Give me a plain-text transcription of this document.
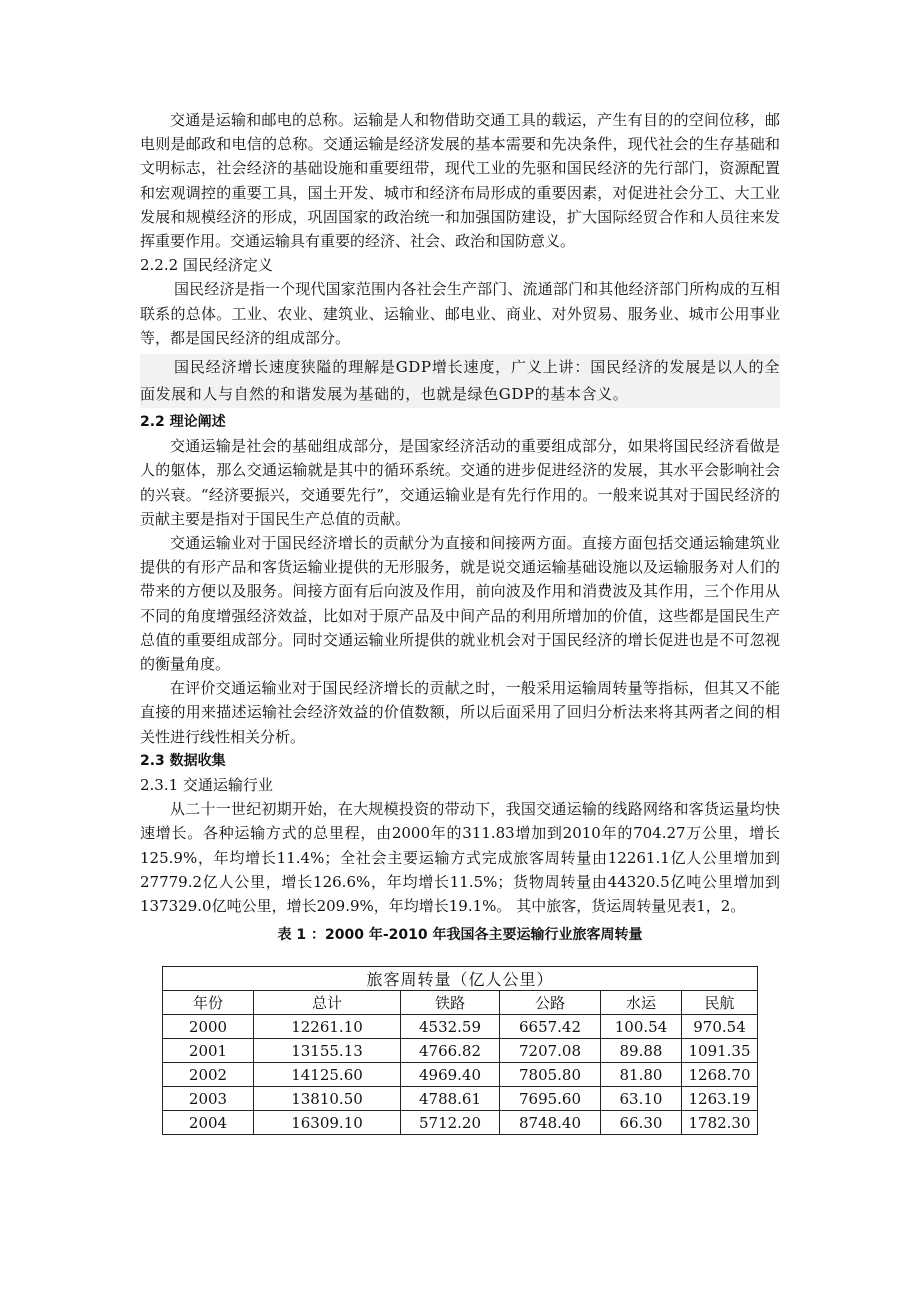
交通是运输和邮电的总称。运输是人和物借助交通工具的载运，产生有目的的空间位移，邮电则是邮政和电信的总称。交通运输是经济发展的基本需要和先决条件，现代社会的生存基础和文明标志，社会经济的基础设施和重要纽带，现代工业的先驱和国民经济的先行部门，资源配置和宏观调控的重要工具，国土开发、城市和经济布局形成的重要因素，对促进社会分工、大工业发展和规模经济的形成，巩固国家的政治统一和加强国防建设，扩大国际经贸合作和人员往来发挥重要作用。交通运输具有重要的经济、社会、政治和国防意义。

2.2.2 国民经济定义

国民经济是指一个现代国家范围内各社会生产部门、流通部门和其他经济部门所构成的互相联系的总体。工业、农业、建筑业、运输业、邮电业、商业、对外贸易、服务业、城市公用事业等，都是国民经济的组成部分。

国民经济增长速度狭隘的理解是GDP增长速度，广义上讲：国民经济的发展是以人的全面发展和人与自然的和谐发展为基础的，也就是绿色GDP的基本含义。

2.2 理论阐述

交通运输是社会的基础组成部分，是国家经济活动的重要组成部分，如果将国民经济看做是人的躯体，那么交通运输就是其中的循环系统。交通的进步促进经济的发展，其水平会影响社会的兴衰。“经济要振兴，交通要先行”，交通运输业是有先行作用的。一般来说其对于国民经济的贡献主要是指对于国民生产总值的贡献。

交通运输业对于国民经济增长的贡献分为直接和间接两方面。直接方面包括交通运输建筑业提供的有形产品和客货运输业提供的无形服务，就是说交通运输基础设施以及运输服务对人们的带来的方便以及服务。间接方面有后向波及作用，前向波及作用和消费波及其作用，三个作用从不同的角度增强经济效益，比如对于原产品及中间产品的利用所增加的价值，这些都是国民生产总值的重要组成部分。同时交通运输业所提供的就业机会对于国民经济的增长促进也是不可忽视的衡量角度。

在评价交通运输业对于国民经济增长的贡献之时，一般采用运输周转量等指标，但其又不能直接的用来描述运输社会经济效益的价值数额，所以后面采用了回归分析法来将其两者之间的相关性进行线性相关分析。

2.3 数据收集
2.3.1 交通运输行业

从二十一世纪初期开始，在大规模投资的带动下，我国交通运输的线路网络和客货运量均快速增长。各种运输方式的总里程，由2000年的311.83增加到2010年的704.27万公里，增长125.9%，年均增长11.4%；全社会主要运输方式完成旅客周转量由12261.1亿人公里增加到27779.2亿人公里，增长126.6%，年均增长11.5%；货物周转量由44320.5亿吨公里增加到137329.0亿吨公里，增长209.9%，年均增长19.1%。 其中旅客，货运周转量见表1，2。

表 1 ：2000 年-2010 年我国各主要运输行业旅客周转量
旅客周转量（亿人公里）					
年份	总计	铁路	公路	水运	民航
2000	12261.10	4532.59	6657.42	100.54	970.54
2001	13155.13	4766.82	7207.08	89.88	1091.35
2002	14125.60	4969.40	7805.80	81.80	1268.70
2003	13810.50	4788.61	7695.60	63.10	1263.19
2004	16309.10	5712.20	8748.40	66.30	1782.30
